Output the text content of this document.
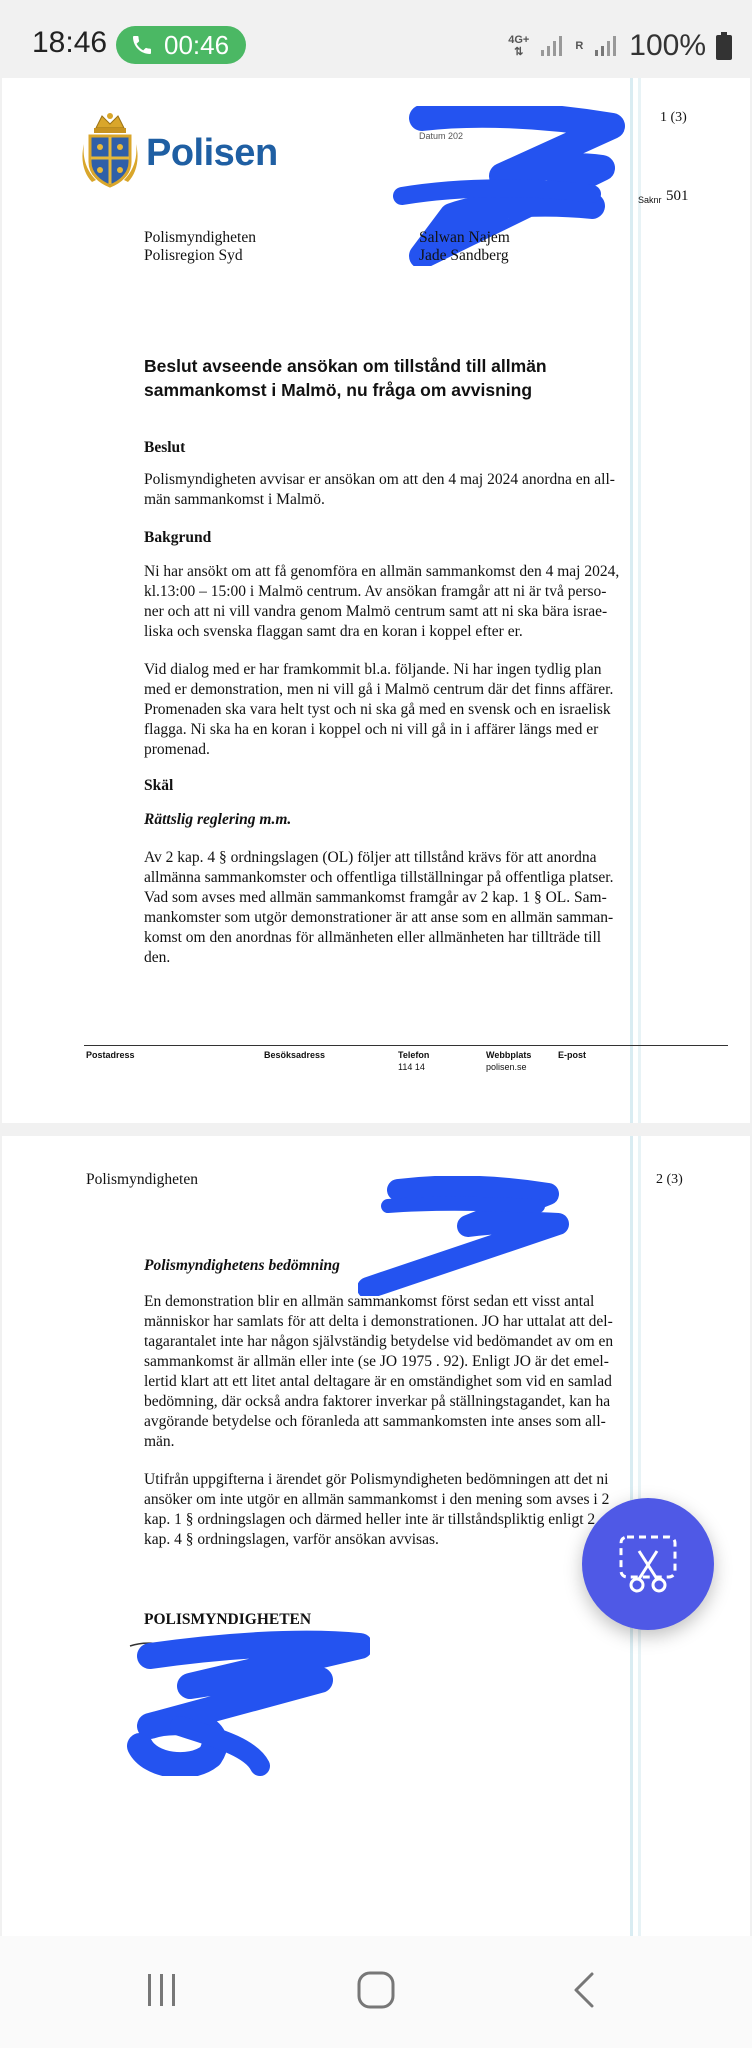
18:46 00:46	4G+
⇅	R 100%
Polisen
BESLUT
Datum 202
1 (3)
1/2024	Saknr 501
Polismyndigheten
Polisregion Syd	Jade Sandberg
Salwan Najem
Beslut avseende ansökan om tillstånd till allmän
sammankomst i Malmö, nu fråga om avvisning
Beslut
Polismyndigheten avvisar er ansökan om att den 4 maj 2024 anordna en all-
män sammankomst i Malmö.
Bakgrund
Ni har ansökt om att få genomföra en allmän sammankomst den 4 maj 2024,
kl.13:00 – 15:00 i Malmö centrum. Av ansökan framgår att ni är två perso-
ner och att ni vill vandra genom Malmö centrum samt att ni ska bära israe-
liska och svenska flaggan samt dra en koran i koppel efter er.
Vid dialog med er har framkommit bl.a. följande. Ni har ingen tydlig plan
med er demonstration, men ni vill gå i Malmö centrum där det finns affärer.
Promenaden ska vara helt tyst och ni ska gå med en svensk och en israelisk
flagga. Ni ska ha en koran i koppel och ni vill gå in i affärer längs med er
promenad.
Skäl
Rättslig reglering m.m.
Av 2 kap. 4 § ordningslagen (OL) följer att tillstånd krävs för att anordna
allmänna sammankomster och offentliga tillställningar på offentliga platser.
Vad som avses med allmän sammankomst framgår av 2 kap. 1 § OL. Sam-
mankomster som utgör demonstrationer är att anse som en allmän samman-
komst om den anordnas för allmänheten eller allmänheten har tillträde till
den.
Postadress	Besöksadress	Telefon
114 14
Webbplats
polisen.se
E-post
Polismyndigheten
A25
2 (3)
Polismyndighetens bedömning
En demonstration blir en allmän sammankomst först sedan ett visst antal
människor har samlats för att delta i demonstrationen. JO har uttalat att del-
tagarantalet inte har någon självständig betydelse vid bedömandet av om en
sammankomst är allmän eller inte (se JO 1975 . 92). Enligt JO är det emel-
lertid klart att ett litet antal deltagare är en omständighet som vid en samlad
bedömning, där också andra faktorer inverkar på ställningstagandet, kan ha
avgörande betydelse och föranleda att sammankomsten inte anses som all-
män.
Utifrån uppgifterna i ärendet gör Polismyndigheten bedömningen att det ni
ansöker om inte utgör en allmän sammankomst i den mening som avses i 2
kap. 1 § ordningslagen och därmed heller inte är tillståndspliktig enligt 2
kap. 4 § ordningslagen, varför ansökan avvisas.
POLISMYNDIGHETEN
